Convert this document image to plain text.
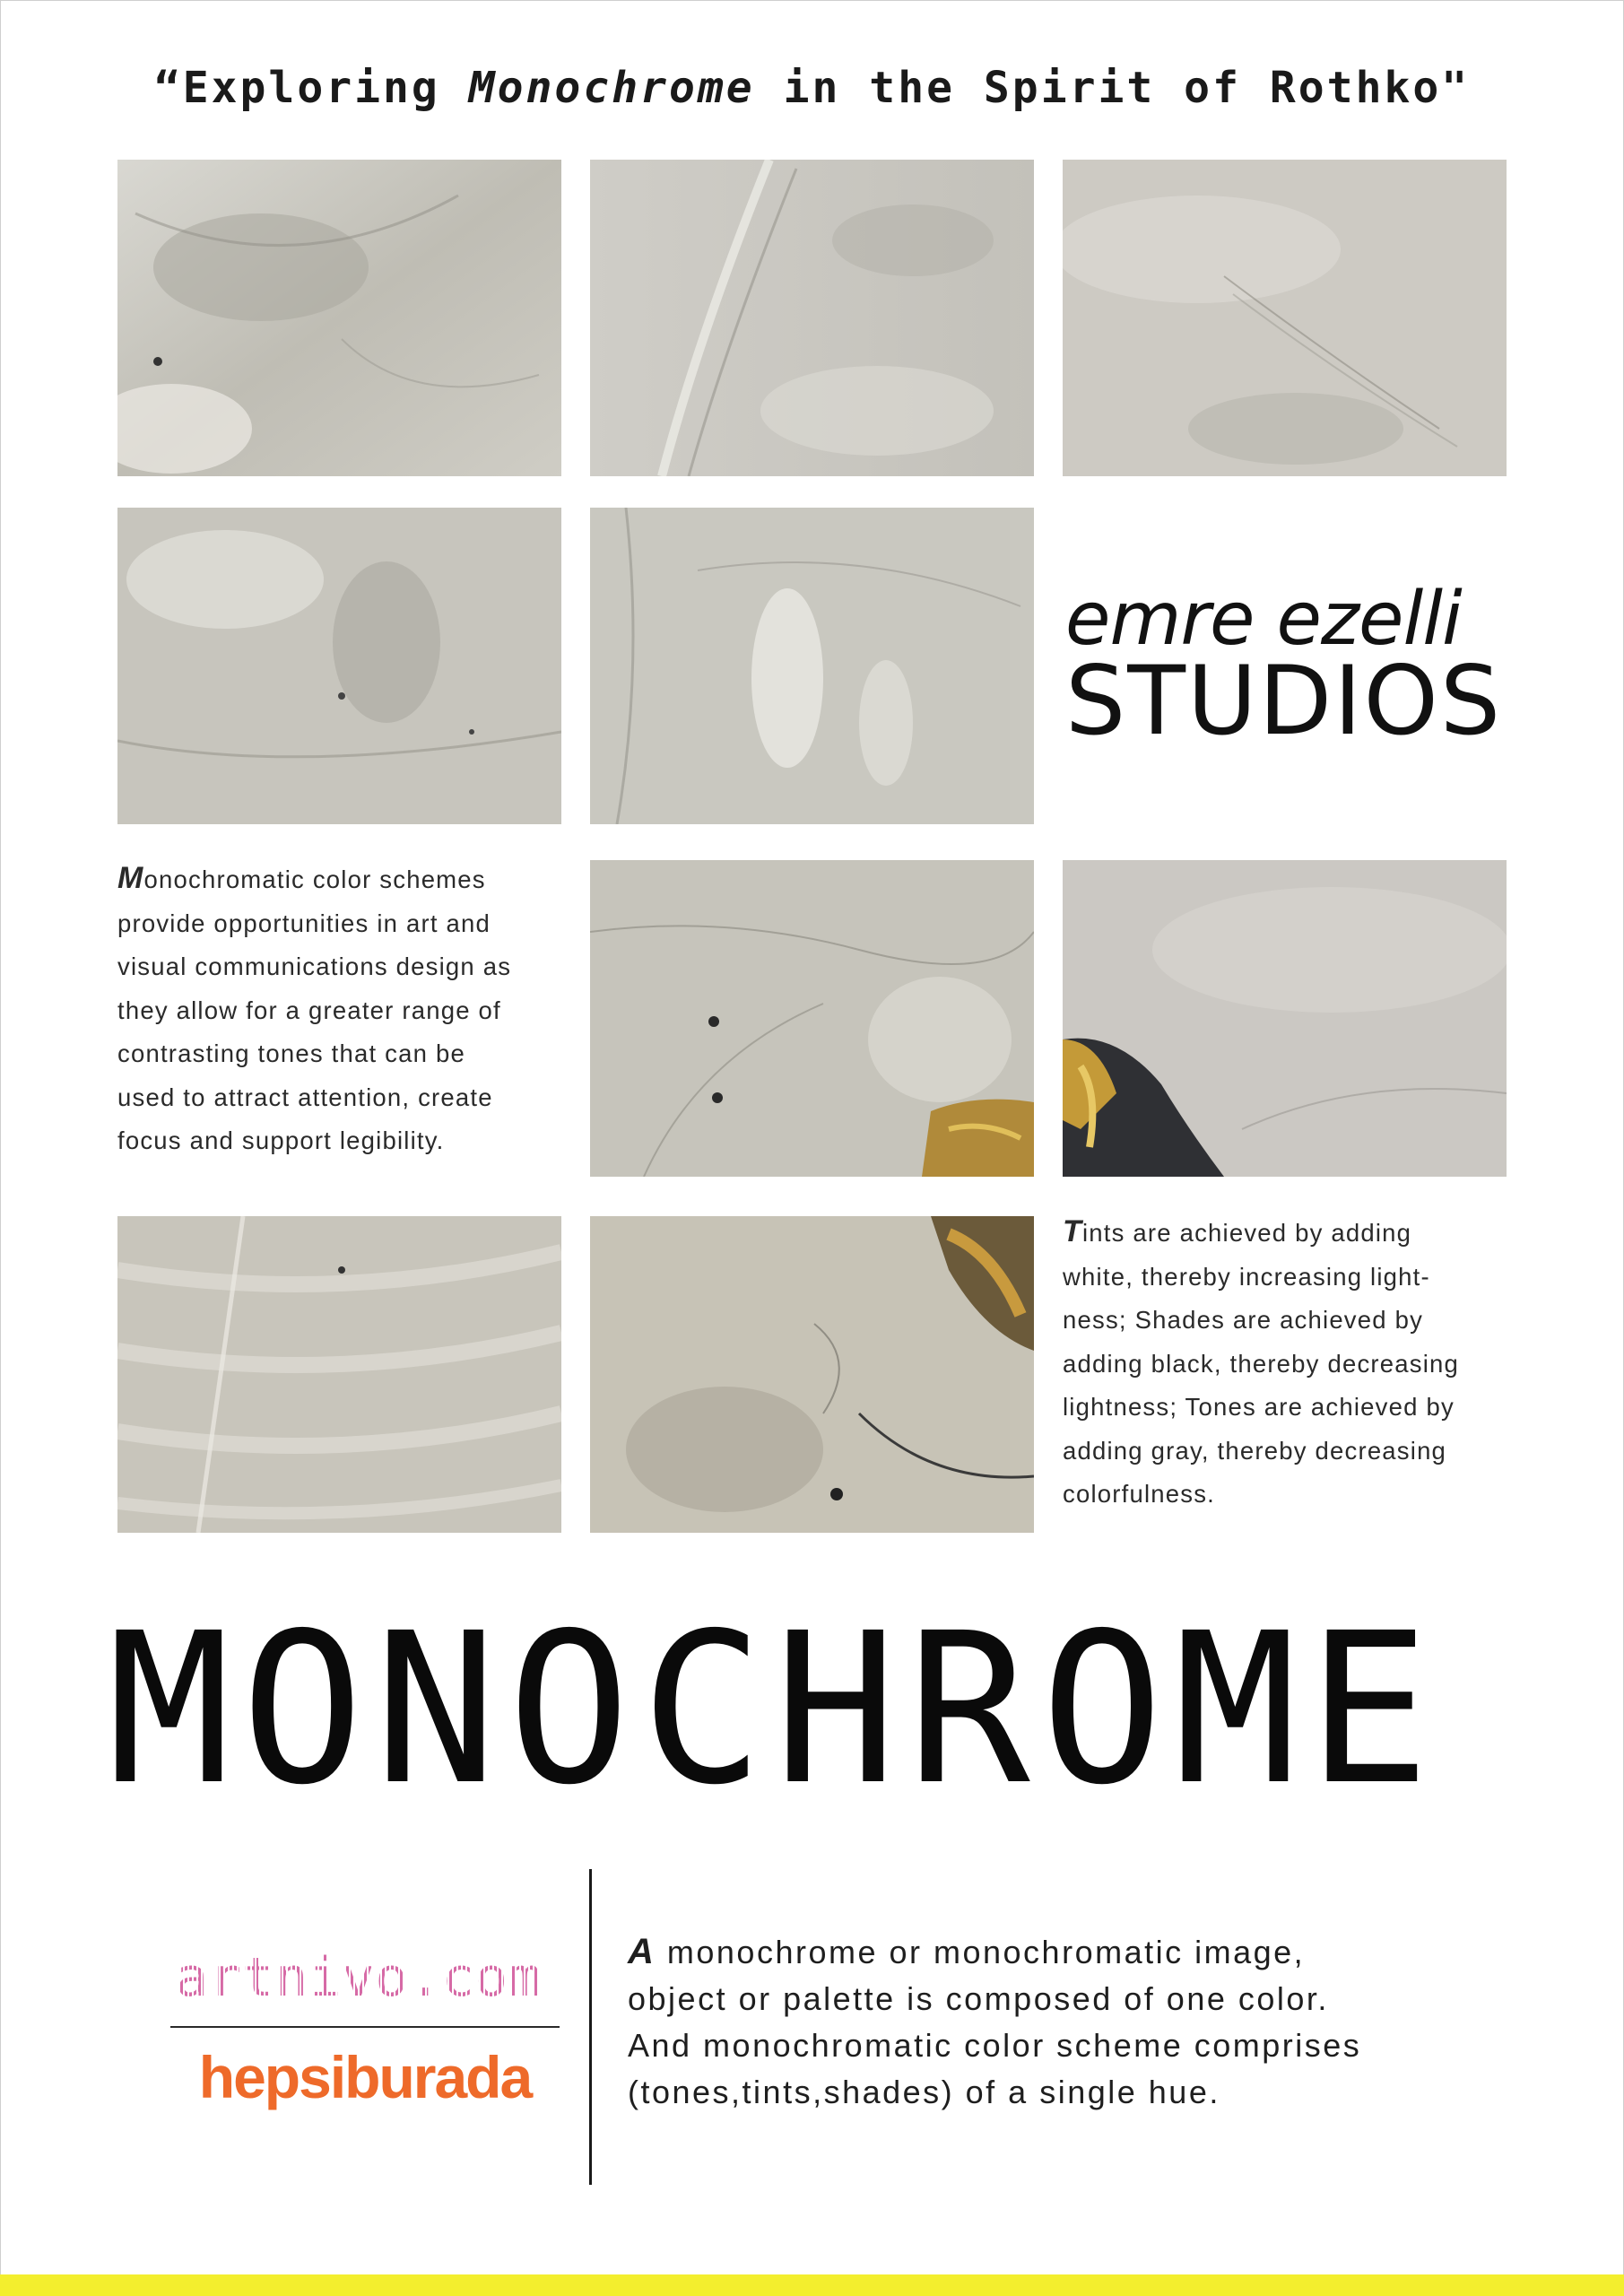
“Exploring Monochrome in the Spirit of Rothko"
emre ezelli
STUDIOS
Monochromatic color schemes
provide opportunities in art and
visual communications design as
they allow for a greater range of
contrasting tones that can be
used to attract attention, create
focus and support legibility.
Tints are achieved by adding
white, thereby increasing light-
ness; Shades are achieved by
adding black, thereby decreasing
lightness; Tones are achieved by
adding gray, thereby decreasing
colorfulness.
MONOCHROME
artnivo.com
hepsiburada
A monochrome or monochromatic image,
object or palette is composed of one color.
And monochromatic color scheme comprises
(tones,tints,shades) of a single hue.
